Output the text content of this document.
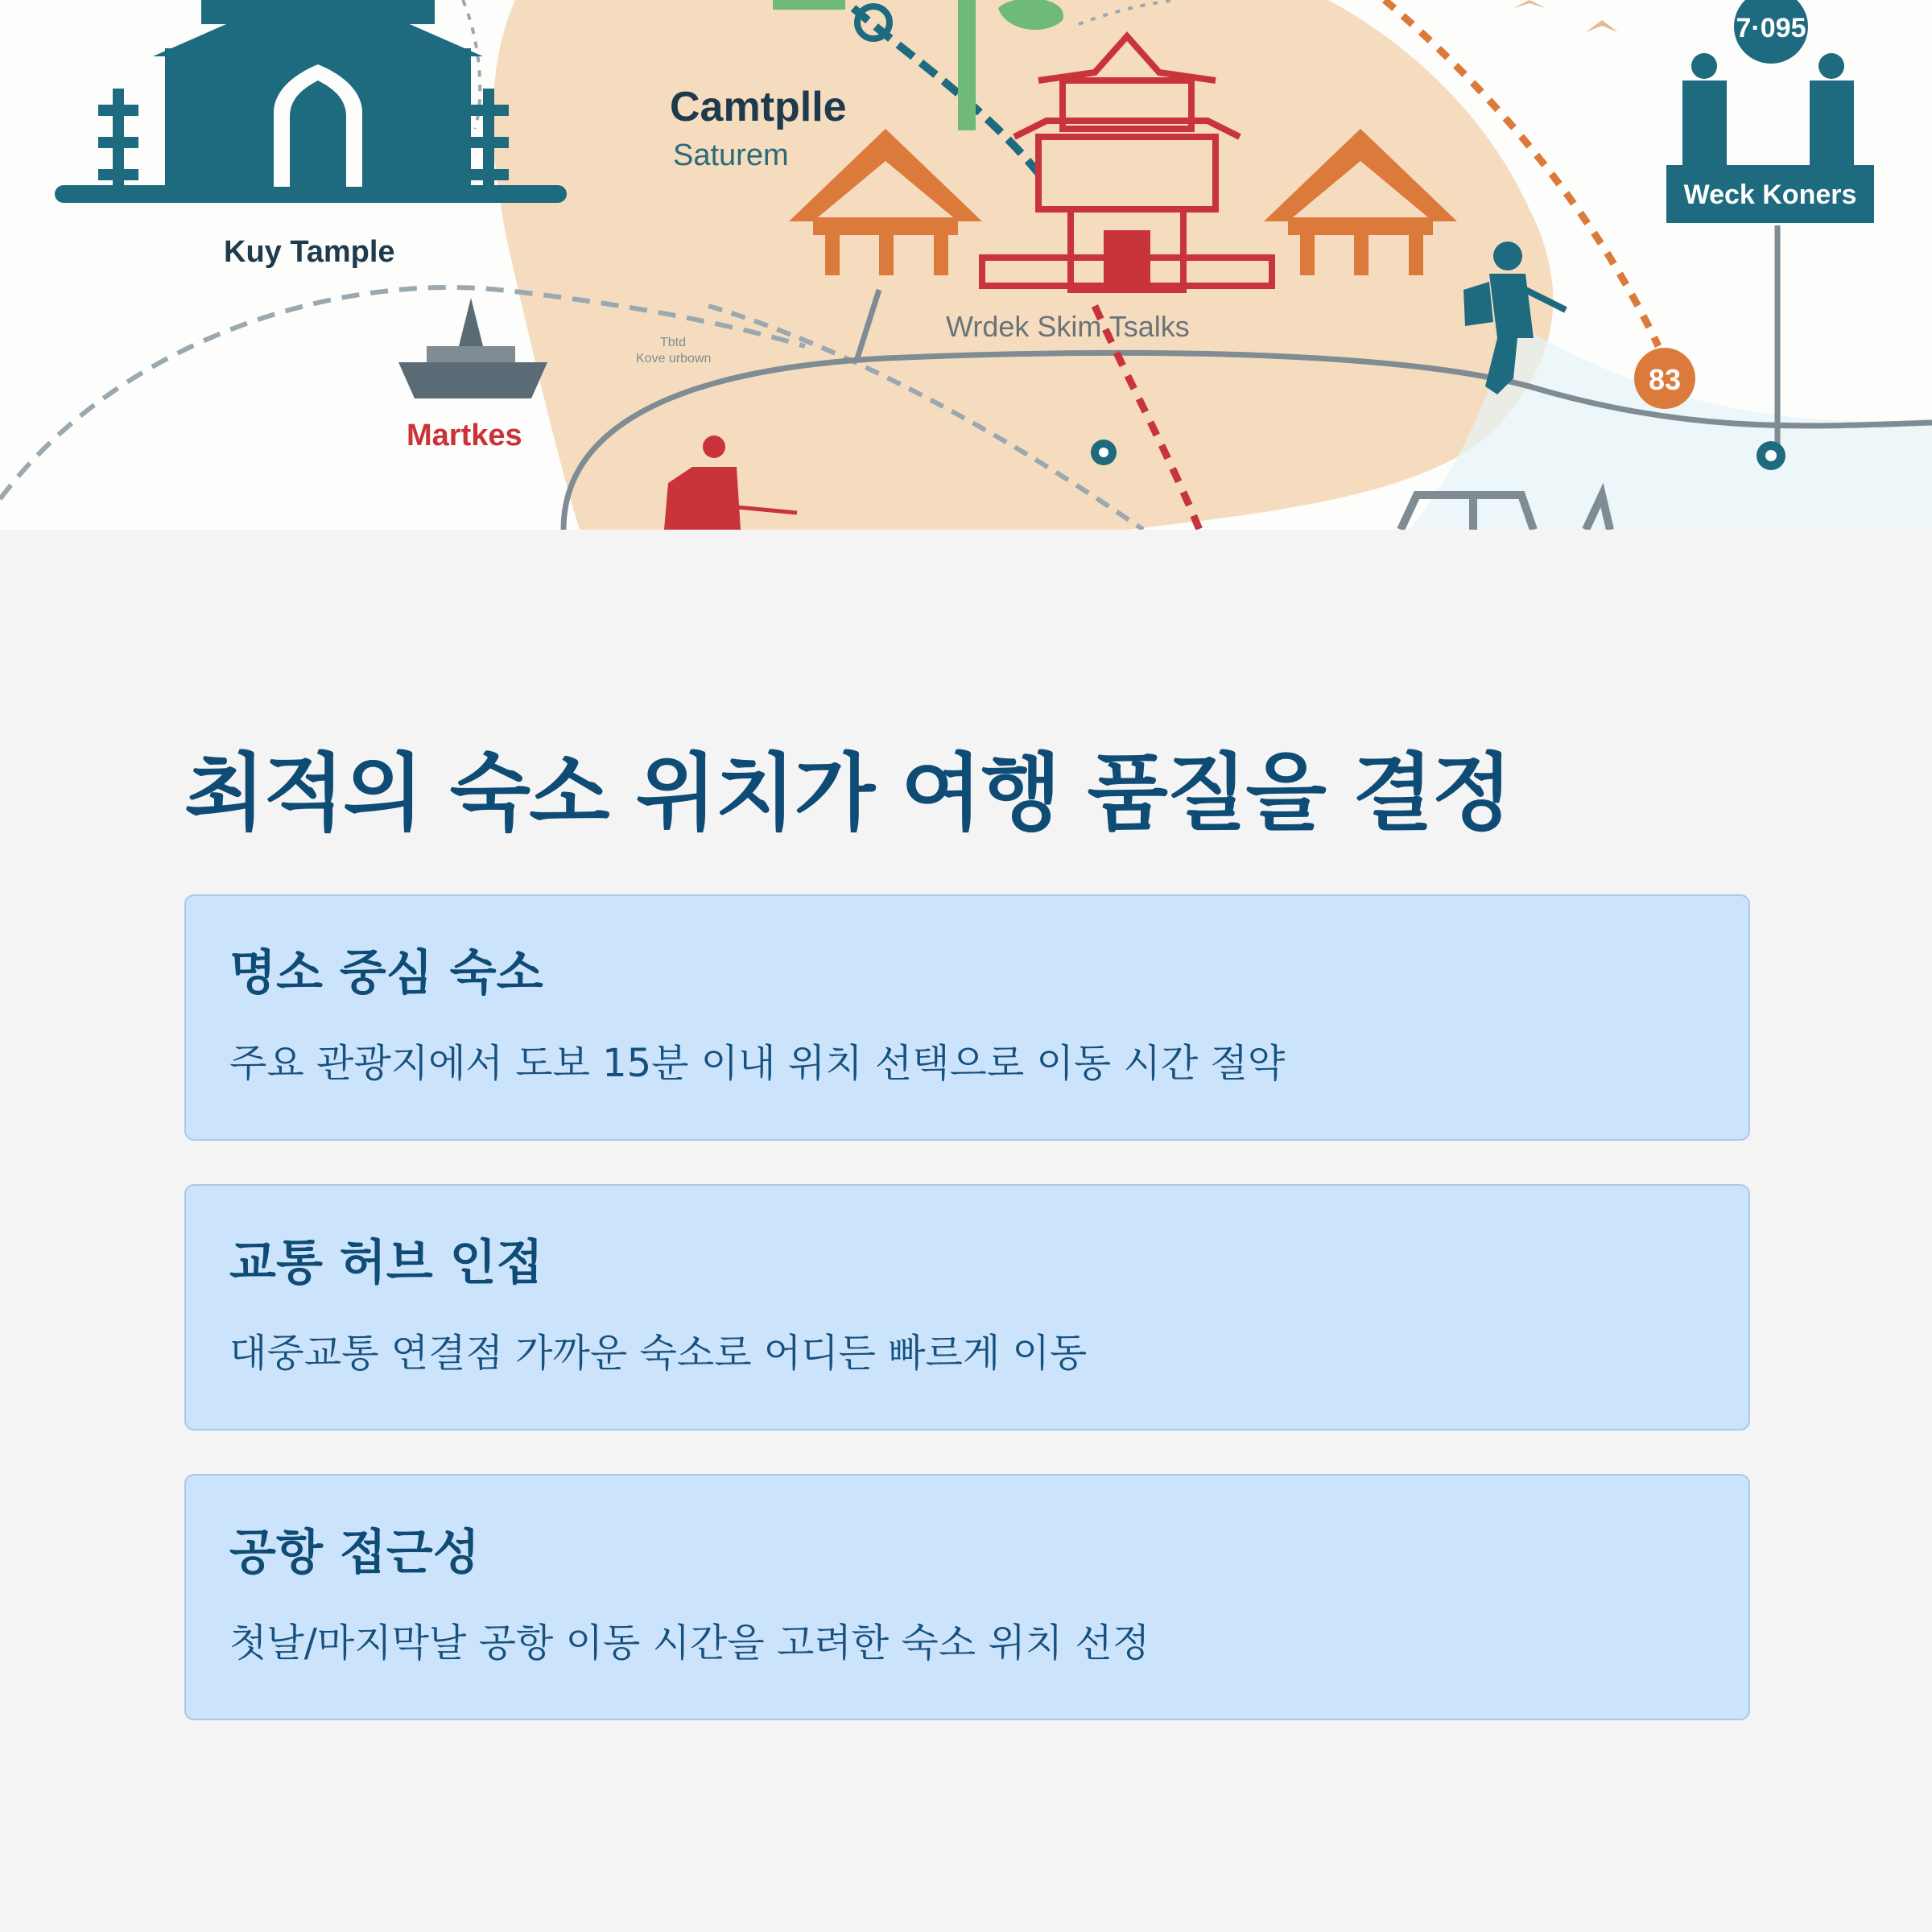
Kuy Tample
Martkes
Tbtd
Kove urbown
Camtplle
Saturem
Wrdek Skim Tsalks
83
7·095
Weck Koners
최적의 숙소 위치가 여행 품질을 결정
명소 중심 숙소

주요 관광지에서 도보 15분 이내 위치 선택으로 이동 시간 절약

교통 허브 인접

대중교통 연결점 가까운 숙소로 어디든 빠르게 이동

공항 접근성

첫날/마지막날 공항 이동 시간을 고려한 숙소 위치 선정
